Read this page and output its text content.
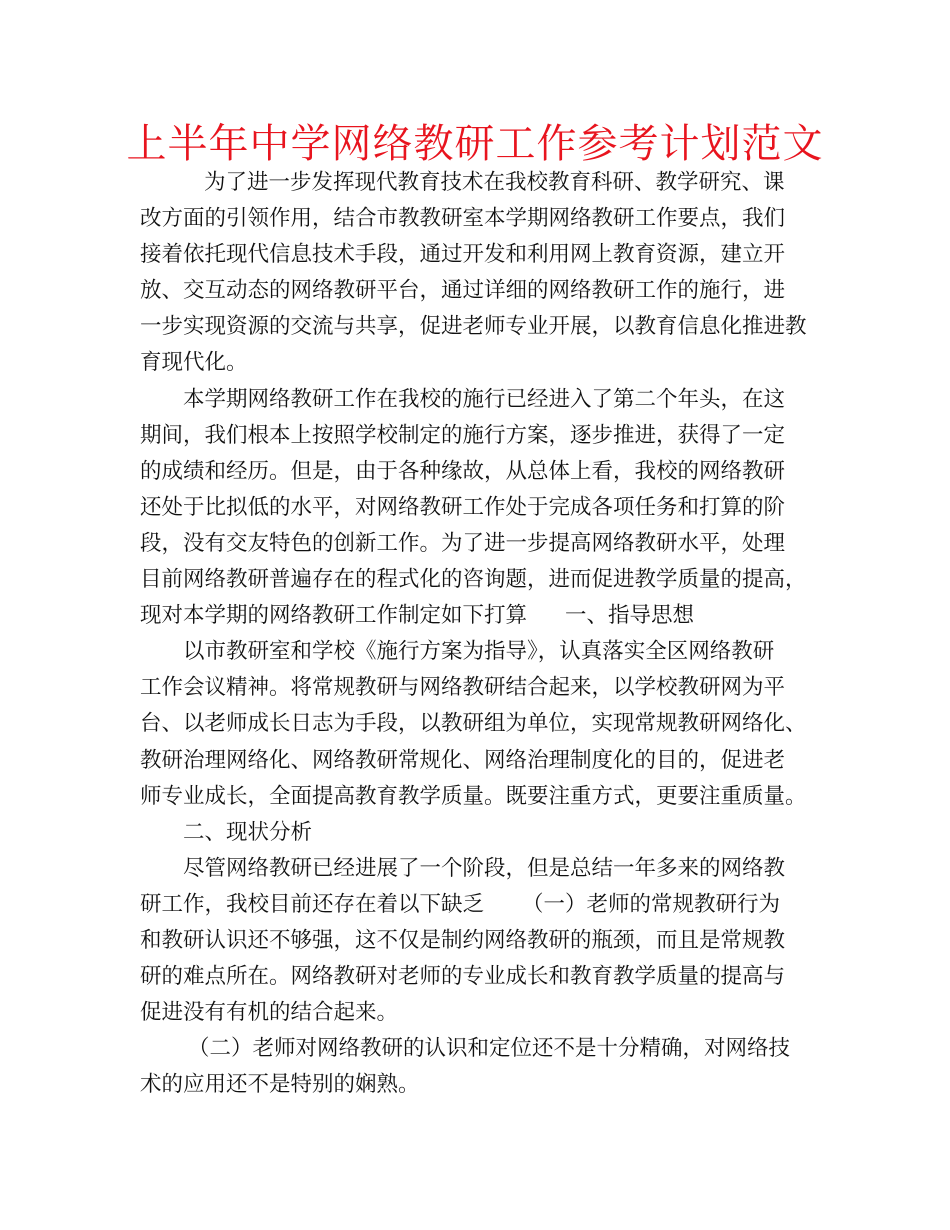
上半年中学网络教研工作参考计划范文
为了进一步发挥现代教育技术在我校教育科研、教学研究、课
改方面的引领作用，结合市教教研室本学期网络教研工作要点，我们
接着依托现代信息技术手段，通过开发和利用网上教育资源，建立开
放、交互动态的网络教研平台，通过详细的网络教研工作的施行，进
一步实现资源的交流与共享，促进老师专业开展，以教育信息化推进教
育现代化。
本学期网络教研工作在我校的施行已经进入了第二个年头，在这
期间，我们根本上按照学校制定的施行方案，逐步推进，获得了一定
的成绩和经历。但是，由于各种缘故，从总体上看，我校的网络教研
还处于比拟低的水平，对网络教研工作处于完成各项任务和打算的阶
段，没有交友特色的创新工作。为了进一步提高网络教研水平，处理
目前网络教研普遍存在的程式化的咨询题，进而促进教学质量的提高，
现对本学期的网络教研工作制定如下打算 一、指导思想
以市教研室和学校《施行方案为指导》，认真落实全区网络教研
工作会议精神。将常规教研与网络教研结合起来，以学校教研网为平
台、以老师成长日志为手段，以教研组为单位，实现常规教研网络化、
教研治理网络化、网络教研常规化、网络治理制度化的目的，促进老
师专业成长，全面提高教育教学质量。既要注重方式，更要注重质量。
二、现状分析
尽管网络教研已经进展了一个阶段，但是总结一年多来的网络教
研工作，我校目前还存在着以下缺乏 （一）老师的常规教研行为
和教研认识还不够强，这不仅是制约网络教研的瓶颈，而且是常规教
研的难点所在。网络教研对老师的专业成长和教育教学质量的提高与
促进没有有机的结合起来。
（二）老师对网络教研的认识和定位还不是十分精确，对网络技
术的应用还不是特别的娴熟。
